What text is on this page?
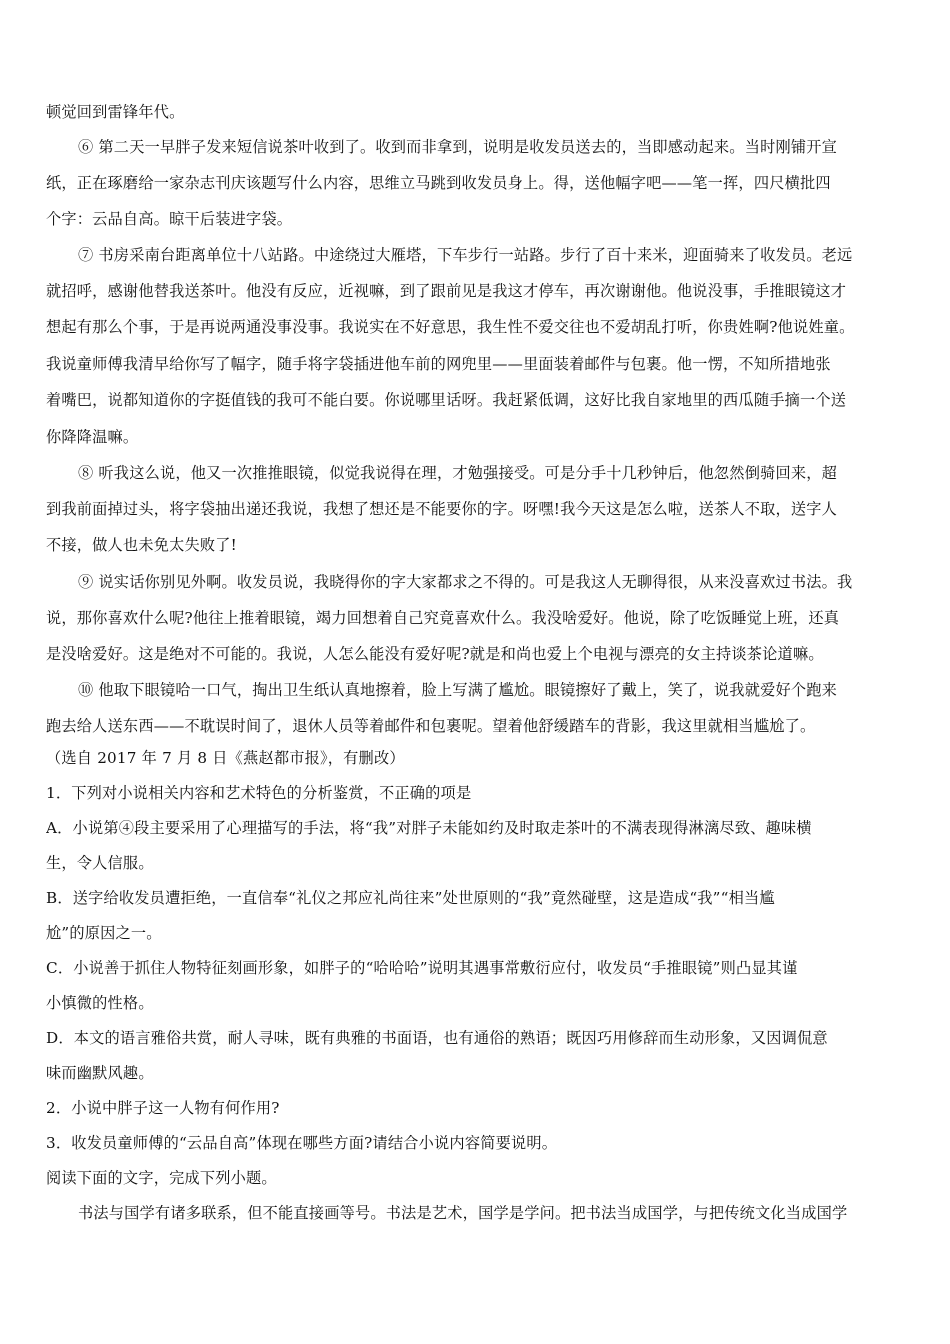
顿觉回到雷锋年代。
⑥ 第二天一早胖子发来短信说茶叶收到了。收到而非拿到，说明是收发员送去的，当即感动起来。当时刚铺开宣
纸，正在琢磨给一家杂志刊庆该题写什么内容，思维立马跳到收发员身上。得，送他幅字吧——笔一挥，四尺横批四
个字：云品自高。晾干后装进字袋。
⑦ 书房采南台距离单位十八站路。中途绕过大雁塔，下车步行一站路。步行了百十来米，迎面骑来了收发员。老远
就招呼，感谢他替我送茶叶。他没有反应，近视嘛，到了跟前见是我这才停车，再次谢谢他。他说没事，手推眼镜这才
想起有那么个事，于是再说两通没事没事。我说实在不好意思，我生性不爱交往也不爱胡乱打听，你贵姓啊?他说姓童。
我说童师傅我清早给你写了幅字，随手将字袋插进他车前的网兜里——里面装着邮件与包裹。他一愣，不知所措地张
着嘴巴，说都知道你的字挺值钱的我可不能白要。你说哪里话呀。我赶紧低调，这好比我自家地里的西瓜随手摘一个送
你降降温嘛。
⑧ 听我这么说，他又一次推推眼镜，似觉我说得在理，才勉强接受。可是分手十几秒钟后，他忽然倒骑回来，超
到我前面掉过头，将字袋抽出递还我说，我想了想还是不能要你的字。呀嘿!我今天这是怎么啦，送茶人不取，送字人
不接，做人也未免太失败了!
⑨ 说实话你别见外啊。收发员说，我晓得你的字大家都求之不得的。可是我这人无聊得很，从来没喜欢过书法。我
说，那你喜欢什么呢?他往上推着眼镜，竭力回想着自己究竟喜欢什么。我没啥爱好。他说，除了吃饭睡觉上班，还真
是没啥爱好。这是绝对不可能的。我说，人怎么能没有爱好呢?就是和尚也爱上个电视与漂亮的女主持谈茶论道嘛。
⑩ 他取下眼镜哈一口气，掏出卫生纸认真地擦着，脸上写满了尴尬。眼镜擦好了戴上，笑了，说我就爱好个跑来
跑去给人送东西——不耽误时间了，退休人员等着邮件和包裹呢。望着他舒缓踏车的背影，我这里就相当尴尬了。
（选自 2017 年 7 月 8 日《燕赵都市报》，有删改）
1．下列对小说相关内容和艺术特色的分析鉴赏，不正确的项是
A．小说第④段主要采用了心理描写的手法，将“我”对胖子未能如约及时取走茶叶的不满表现得淋漓尽致、趣味横
生，令人信服。
B．送字给收发员遭拒绝，一直信奉“礼仪之邦应礼尚往来”处世原则的“我”竟然碰壁，这是造成“我”“相当尴
尬”的原因之一。
C．小说善于抓住人物特征刻画形象，如胖子的“哈哈哈”说明其遇事常敷衍应付，收发员“手推眼镜”则凸显其谨
小慎微的性格。
D．本文的语言雅俗共赏，耐人寻味，既有典雅的书面语，也有通俗的熟语；既因巧用修辞而生动形象，又因调侃意
味而幽默风趣。
2．小说中胖子这一人物有何作用?
3．收发员童师傅的“云品自高”体现在哪些方面?请结合小说内容简要说明。
阅读下面的文字，完成下列小题。
书法与国学有诸多联系，但不能直接画等号。书法是艺术，国学是学问。把书法当成国学，与把传统文化当成国学
